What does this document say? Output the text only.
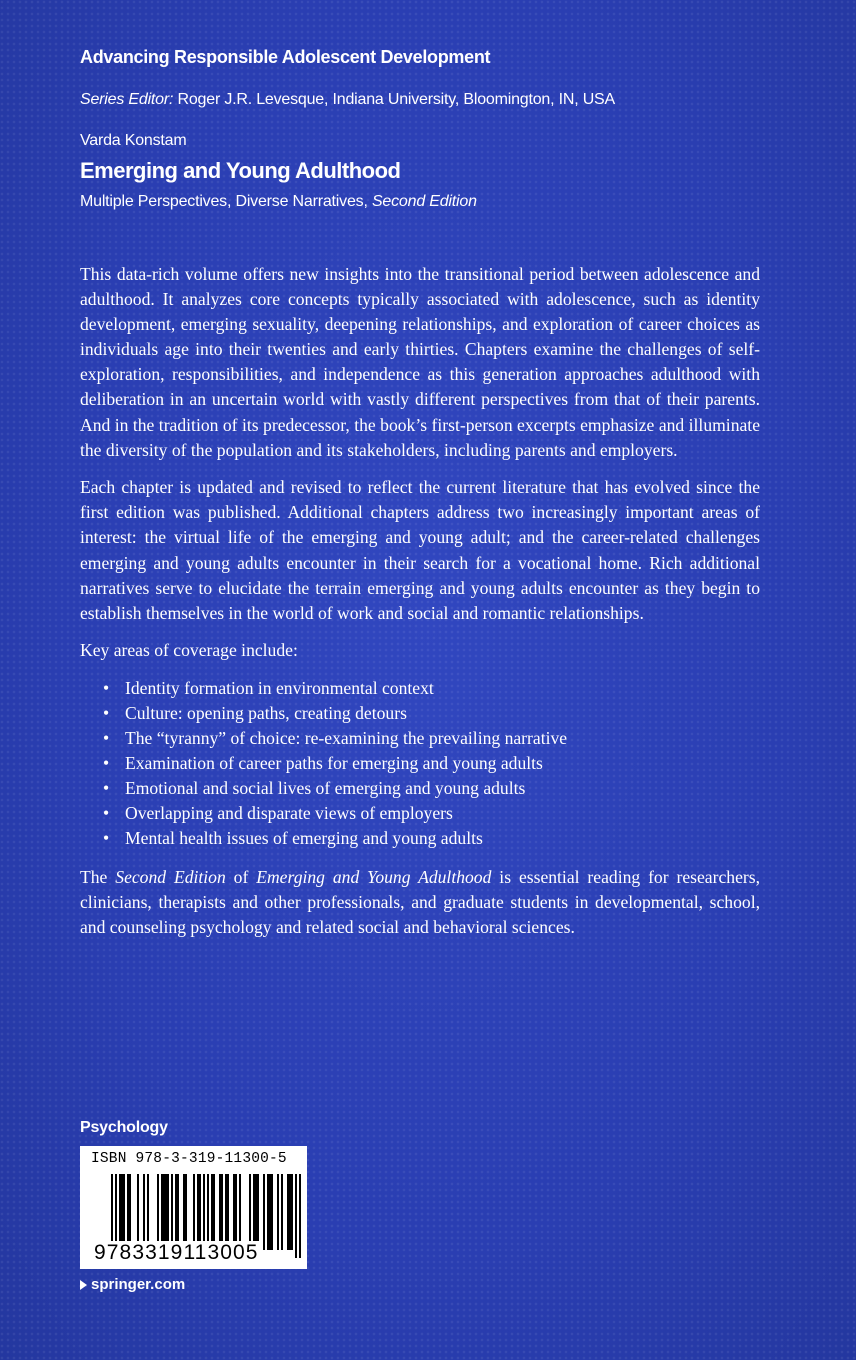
Advancing Responsible Adolescent Development
Series Editor: Roger J.R. Levesque, Indiana University, Bloomington, IN, USA
Varda Konstam
Emerging and Young Adulthood
Multiple Perspectives, Diverse Narratives, Second Edition

This data-rich volume offers new insights into the transitional period between adolescence and adulthood. It analyzes core concepts typically associated with adolescence, such as identity development, emerging sexuality, deepening relationships, and exploration of career choices as individuals age into their twenties and early thirties. Chapters examine the challenges of self-exploration, responsibilities, and independence as this generation approaches adulthood with deliberation in an uncertain world with vastly different perspectives from that of their parents. And in the tradition of its predecessor, the book’s first-person excerpts emphasize and illuminate the diversity of the population and its stakeholders, including parents and employers.

Each chapter is updated and revised to reflect the current literature that has evolved since the first edition was published. Additional chapters address two increasingly important areas of interest: the virtual life of the emerging and young adult; and the career-related challenges emerging and young adults encounter in their search for a vocational home. Rich additional narratives serve to elucidate the terrain emerging and young adults encounter as they begin to establish themselves in the world of work and social and romantic relationships.

Key areas of coverage include:

• Identity formation in environmental context
• Culture: opening paths, creating detours
• The “tyranny” of choice: re-examining the prevailing narrative
• Examination of career paths for emerging and young adults
• Emotional and social lives of emerging and young adults
• Overlapping and disparate views of employers
• Mental health issues of emerging and young adults

The Second Edition of Emerging and Young Adulthood is essential reading for researchers, clinicians, therapists and other professionals, and graduate students in developmental, school, and counseling psychology and related social and behavioral sciences.

Psychology
ISBN 978-3-319-11300-5
9783319113005
springer.com
